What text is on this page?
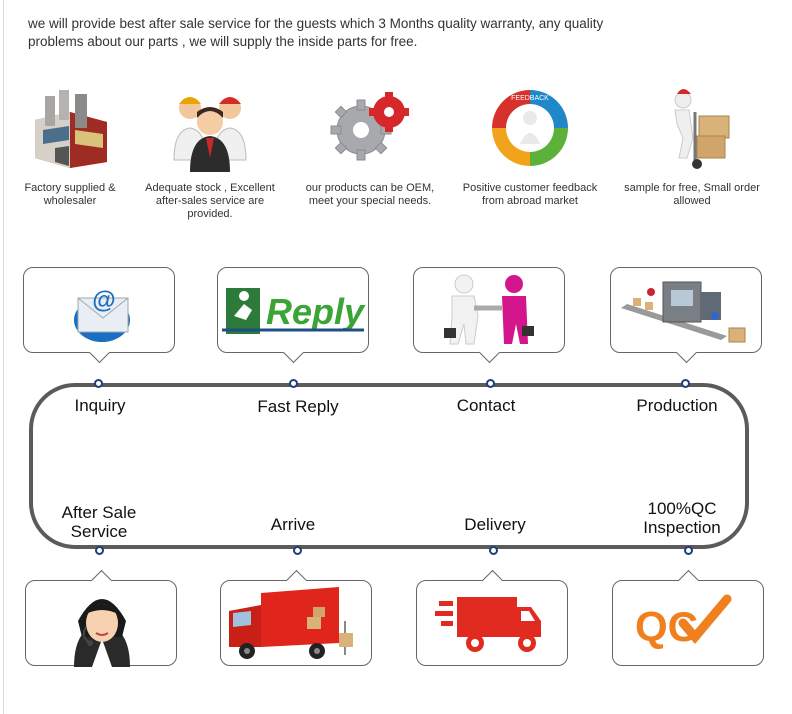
we will provide best after sale service for the guests which 3 Months quality warranty, any quality
problems about our parts , we will supply the inside parts for free.
Factory supplied & wholesaler
Adequate stock , Excellent after-sales service are provided.
our products can be OEM, meet your special needs.
FEEDBACK
Positive customer feedback from abroad market
sample for free, Small order allowed
@	Reply
Inquiry	Fast Reply	Contact	Production
After Sale
Service	Arrive	Delivery
100%QC
Inspection
QC
